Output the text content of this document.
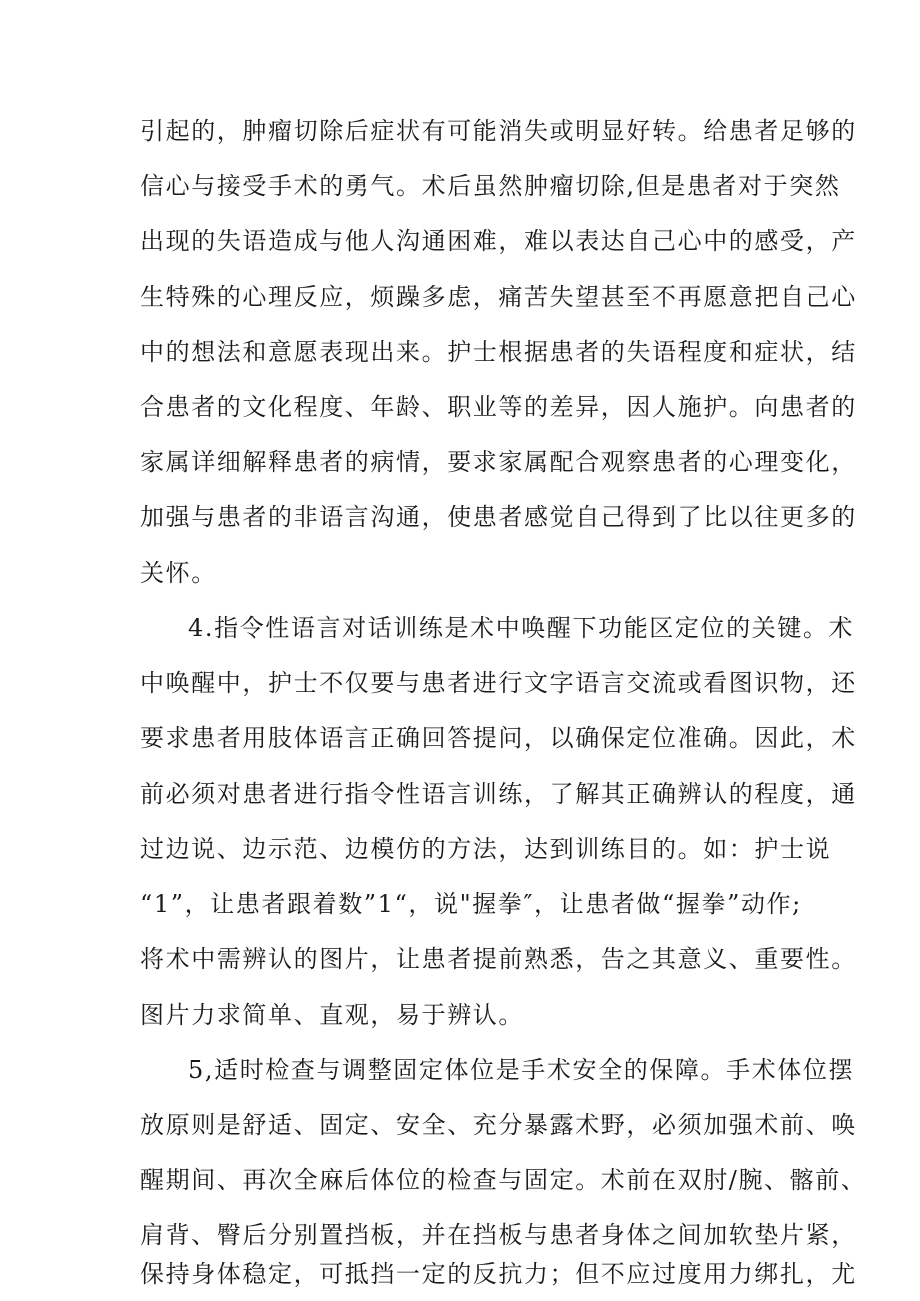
引起的，肿瘤切除后症状有可能消失或明显好转。给患者足够的

信心与接受手术的勇气。术后虽然肿瘤切除,但是患者对于突然

出现的失语造成与他人沟通困难，难以表达自己心中的感受，产

生特殊的心理反应，烦躁多虑，痛苦失望甚至不再愿意把自己心

中的想法和意愿表现出来。护士根据患者的失语程度和症状，结

合患者的文化程度、年龄、职业等的差异，因人施护。向患者的

家属详细解释患者的病情，要求家属配合观察患者的心理变化，

加强与患者的非语言沟通，使患者感觉自己得到了比以往更多的

关怀。

4.指令性语言对话训练是术中唤醒下功能区定位的关键。术

中唤醒中，护士不仅要与患者进行文字语言交流或看图识物，还

要求患者用肢体语言正确回答提问，以确保定位准确。因此，术

前必须对患者进行指令性语言训练，了解其正确辨认的程度，通

过边说、边示范、边模仿的方法，达到训练目的。如：护士说

“1”，让患者跟着数”1“，说"握拳″，让患者做“握拳”动作;

将术中需辨认的图片，让患者提前熟悉，告之其意义、重要性。

图片力求简单、直观，易于辨认。

5,适时检查与调整固定体位是手术安全的保障。手术体位摆

放原则是舒适、固定、安全、充分暴露术野，必须加强术前、唤

醒期间、再次全麻后体位的检查与固定。术前在双肘/腕、髂前、

肩背、臀后分别置挡板，并在挡板与患者身体之间加软垫片紧，

保持身体稳定，可抵挡一定的反抗力；但不应过度用力绑扎，尤
